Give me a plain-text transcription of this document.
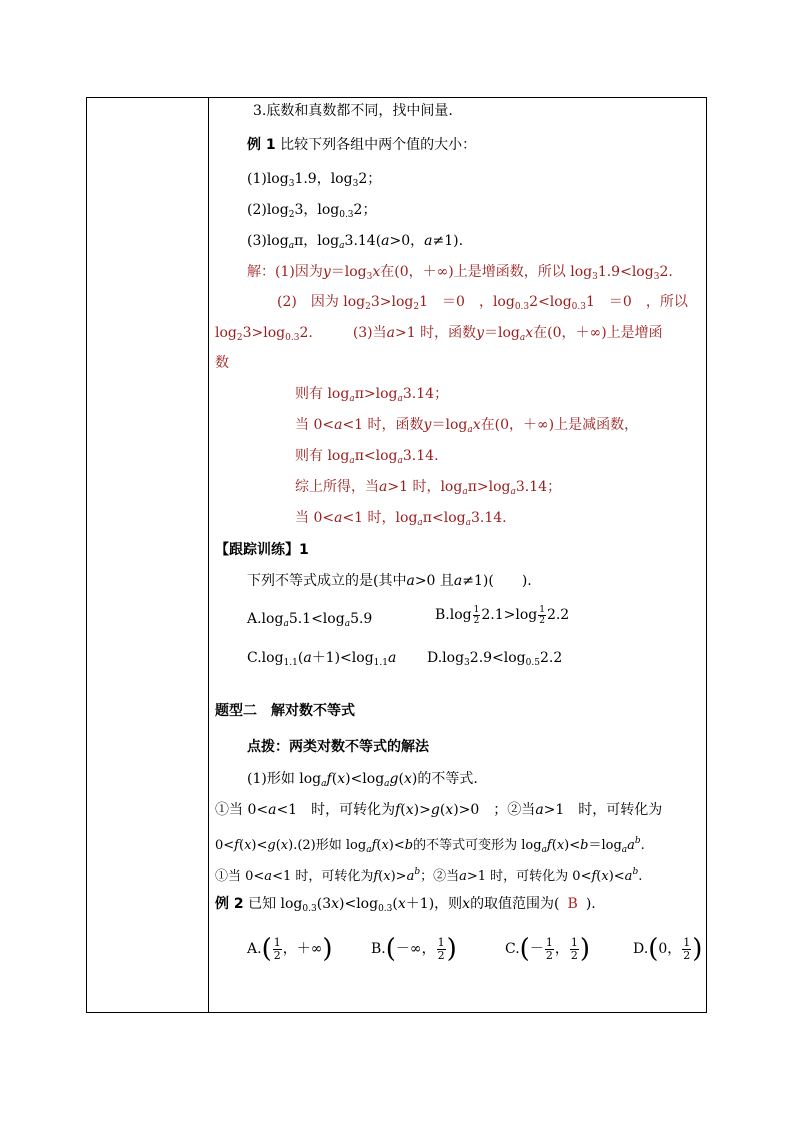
3.底数和真数都不同，找中间量.
例 1 比较下列各组中两个值的大小：
$(1)\log_31.9$，$\log_32$；
$(2)\log_23$，$\log_{0.3}2$；
$(3)\log_a\pi$，$\log_a3.14(a>0$，a≠1).
解：(1)因为$y=\log_3x$在(0，＋∞)上是增函数，所以 $\log_31.9<\log_32$.
(2)　因为 $\log_23>\log_21$　＝0　，$\log_{0.3}2<\log_{0.3}1$　＝0　，所以
$\log_23>\log_{0.3}2$.	(3)当a>1 时，函数$y=\log_ax$在(0，＋∞)上是增函
数
则有 $\log_a\pi>\log_a3.14$；
当 0<a<1 时，函数$y=\log_ax$在(0，＋∞)上是减函数，
则有 $\log_a\pi<\log_a3.14$.
综上所得，当a>1 时，$\log_a\pi>\log_a3.14$；
当 0<a<1 时，$\log_a\pi<\log_a3.14$.
【跟踪训练】1
下列不等式成立的是(其中a>0 且a≠1)(　　).
$A.\log_a5.1<\log_a5.9$	$B.\log \frac{1}{2} 2.1>\log \frac{1}{2} 2.2$
$C.\log_{1.1}(a+1)<\log_{1.1}a$ $D.\log_32.9<\log_{0.5}2.2$
题型二　解对数不等式
点拨：两类对数不等式的解法
(1)形如 $\log_af(x)<\log_ag(x)$的不等式.
①当 0<a<1　时，可转化为f(x)>g(x)>0　；②当a>1　时，可转化为
0<f(x)<g(x).(2)形如 $\log_af(x)<b$的不等式可变形为 $\log_af(x)<b=\log_aa^b$.
①当 0<a<1 时，可转化为$f(x)>a^b$；②当a>1 时，可转化为 $0<f(x)<a^b$.
例 2 已知 $\log_{0.3}(3x)<\log_{0.3}(x+1)$，则x的取值范围为( B ).
$A.( \frac{1}{2}$ ，＋∞)	B.(－∞， $\frac{1}{2}$ )	$C.(- \frac{1}{2}$ ， $\frac{1}{2}$ )	D.(0， $\frac{1}{2}$ )
